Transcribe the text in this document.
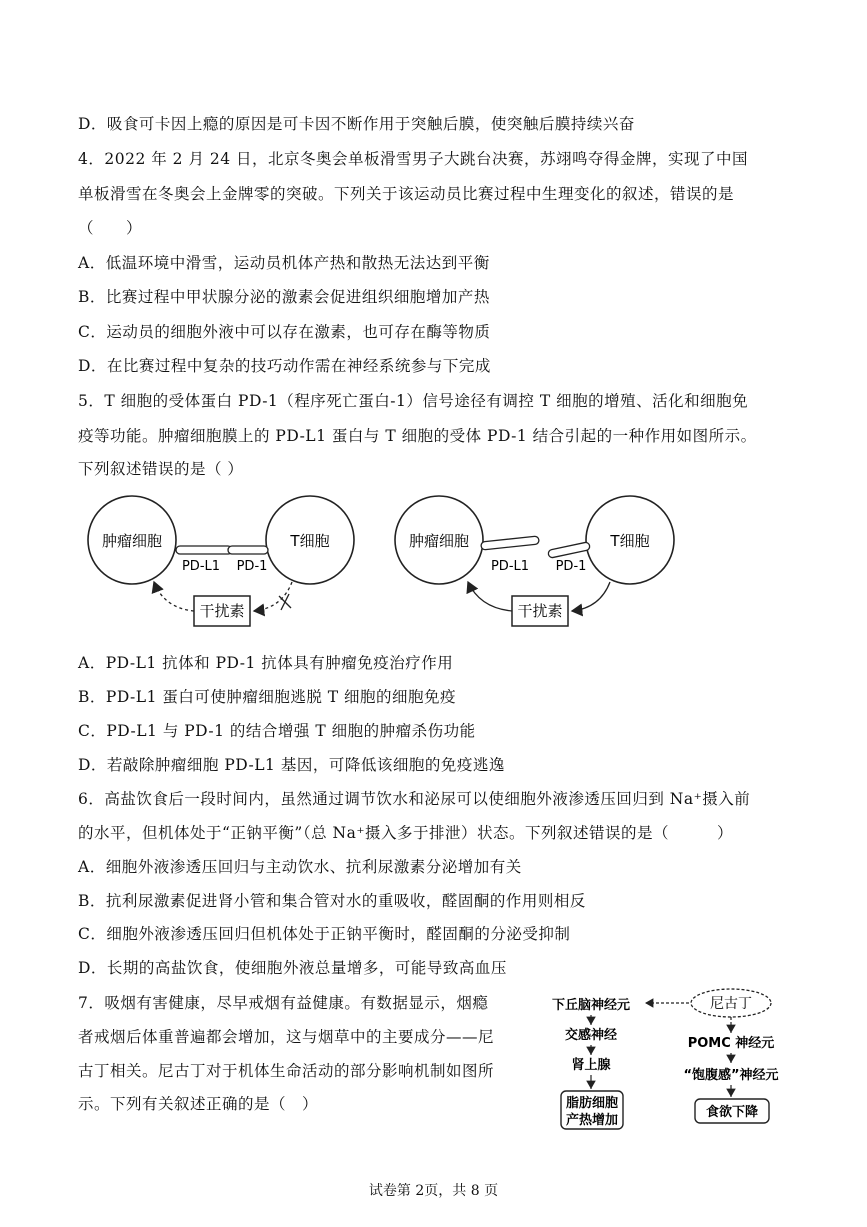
D．吸食可卡因上瘾的原因是可卡因不断作用于突触后膜，使突触后膜持续兴奋
4．2022 年 2 月 24 日，北京冬奥会单板滑雪男子大跳台决赛，苏翊鸣夺得金牌，实现了中国
单板滑雪在冬奥会上金牌零的突破。下列关于该运动员比赛过程中生理变化的叙述，错误的是
（　　）
A．低温环境中滑雪，运动员机体产热和散热无法达到平衡
B．比赛过程中甲状腺分泌的激素会促进组织细胞增加产热
C．运动员的细胞外液中可以存在激素，也可存在酶等物质
D．在比赛过程中复杂的技巧动作需在神经系统参与下完成
5．T 细胞的受体蛋白 PD-1（程序死亡蛋白-1）信号途径有调控 T 细胞的增殖、活化和细胞免
疫等功能。肿瘤细胞膜上的 PD-L1 蛋白与 T 细胞的受体 PD-1 结合引起的一种作用如图所示。
下列叙述错误的是（ ）
A．PD-L1 抗体和 PD-1 抗体具有肿瘤免疫治疗作用
B．PD-L1 蛋白可使肿瘤细胞逃脱 T 细胞的细胞免疫
C．PD-L1 与 PD-1 的结合增强 T 细胞的肿瘤杀伤功能
D．若敲除肿瘤细胞 PD-L1 基因，可降低该细胞的免疫逃逸
6．高盐饮食后一段时间内，虽然通过调节饮水和泌尿可以使细胞外液渗透压回归到 Na⁺摄入前
的水平，但机体处于“正钠平衡”（总 Na⁺摄入多于排泄）状态。下列叙述错误的是（　　　）
A．细胞外液渗透压回归与主动饮水、抗利尿激素分泌增加有关
B．抗利尿激素促进肾小管和集合管对水的重吸收，醛固酮的作用则相反
C．细胞外液渗透压回归但机体处于正钠平衡时，醛固酮的分泌受抑制
D．长期的高盐饮食，使细胞外液总量增多，可能导致高血压
7．吸烟有害健康，尽早戒烟有益健康。有数据显示，烟瘾
者戒烟后体重普遍都会增加，这与烟草中的主要成分——尼
古丁相关。尼古丁对于机体生命活动的部分影响机制如图所
示。下列有关叙述正确的是（　）
肿瘤细胞	T细胞
PD-L1 PD-1
干扰素
肿瘤细胞	T细胞
PD-L1 PD-1
干扰素
下丘脑神经元	尼古丁
交感神经
肾上腺
脂肪细胞
产热增加
POMC 神经元
“饱腹感”神经元
食欲下降
试卷第 2页，共 8 页
